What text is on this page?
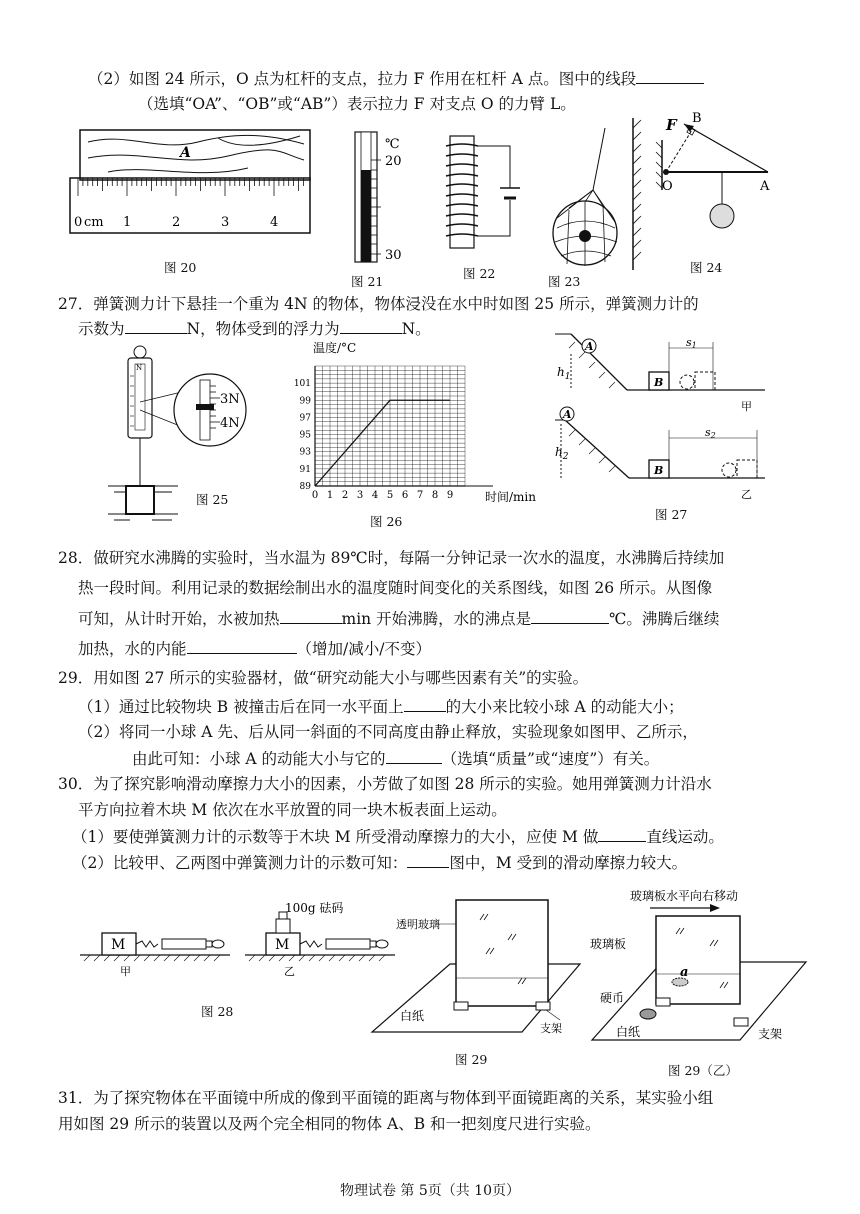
（2）如图 24 所示，O 点为杠杆的支点，拉力 F 作用在杠杆 A 点。图中的线段
（选填“OA”、“OB”或“AB”）表示拉力 F 对支点 O 的力臂 L。
A
0 cm 1	2	3	4
图 20
℃
20
30
图 21
图 22
图 23
F B
O	A
图 24
27．弹簧测力计下悬挂一个重为 4N 的物体，物体浸没在水中时如图 25 所示，弹簧测力计的
示数为	N，物体受到的浮力为	N。
N
3N
4N
图 25
温度/°C
时间/min
89
91
93
95
97
99
101
0 1 2 3 4 5 6 7 8 9
图 26
A
$h_1$	B
s1
甲
A
$h_2$
B
s2
乙
图 27
28．做研究水沸腾的实验时，当水温为 89℃时，每隔一分钟记录一次水的温度，水沸腾后持续加
热一段时间。利用记录的数据绘制出水的温度随时间变化的关系图线，如图 26 所示。从图像
可知，从计时开始，水被加热	min 开始沸腾，水的沸点是	℃。沸腾后继续
加热，水的内能	（增加/减小/不变）
29．用如图 27 所示的实验器材，做“研究动能大小与哪些因素有关”的实验。
（1）通过比较物块 B 被撞击后在同一水平面上	的大小来比较小球 A 的动能大小；
（2）将同一小球 A 先、后从同一斜面的不同高度由静止释放，实验现象如图甲、乙所示，
由此可知：小球 A 的动能大小与它的	（选填“质量”或“速度”）有关。
30．为了探究影响滑动摩擦力大小的因素，小芳做了如图 28 所示的实验。她用弹簧测力计沿水
平方向拉着木块 M 依次在水平放置的同一块木板表面上运动。
（1）要使弹簧测力计的示数等于木块 M 所受滑动摩擦力的大小，应使 M 做	直线运动。
（2）比较甲、乙两图中弹簧测力计的示数可知：	图中，M 受到的滑动摩擦力较大。
M
甲
M
100g 砝码
乙
图 28
透明玻璃
白纸
支架
图 29
玻璃板水平向右移动
a
硬币
白纸
玻璃板
支架
图 29（乙）
31．为了探究物体在平面镜中所成的像到平面镜的距离与物体到平面镜距离的关系，某实验小组
用如图 29 所示的装置以及两个完全相同的物体 A、B 和一把刻度尺进行实验。
物理试卷 第 5页（共 10页）
